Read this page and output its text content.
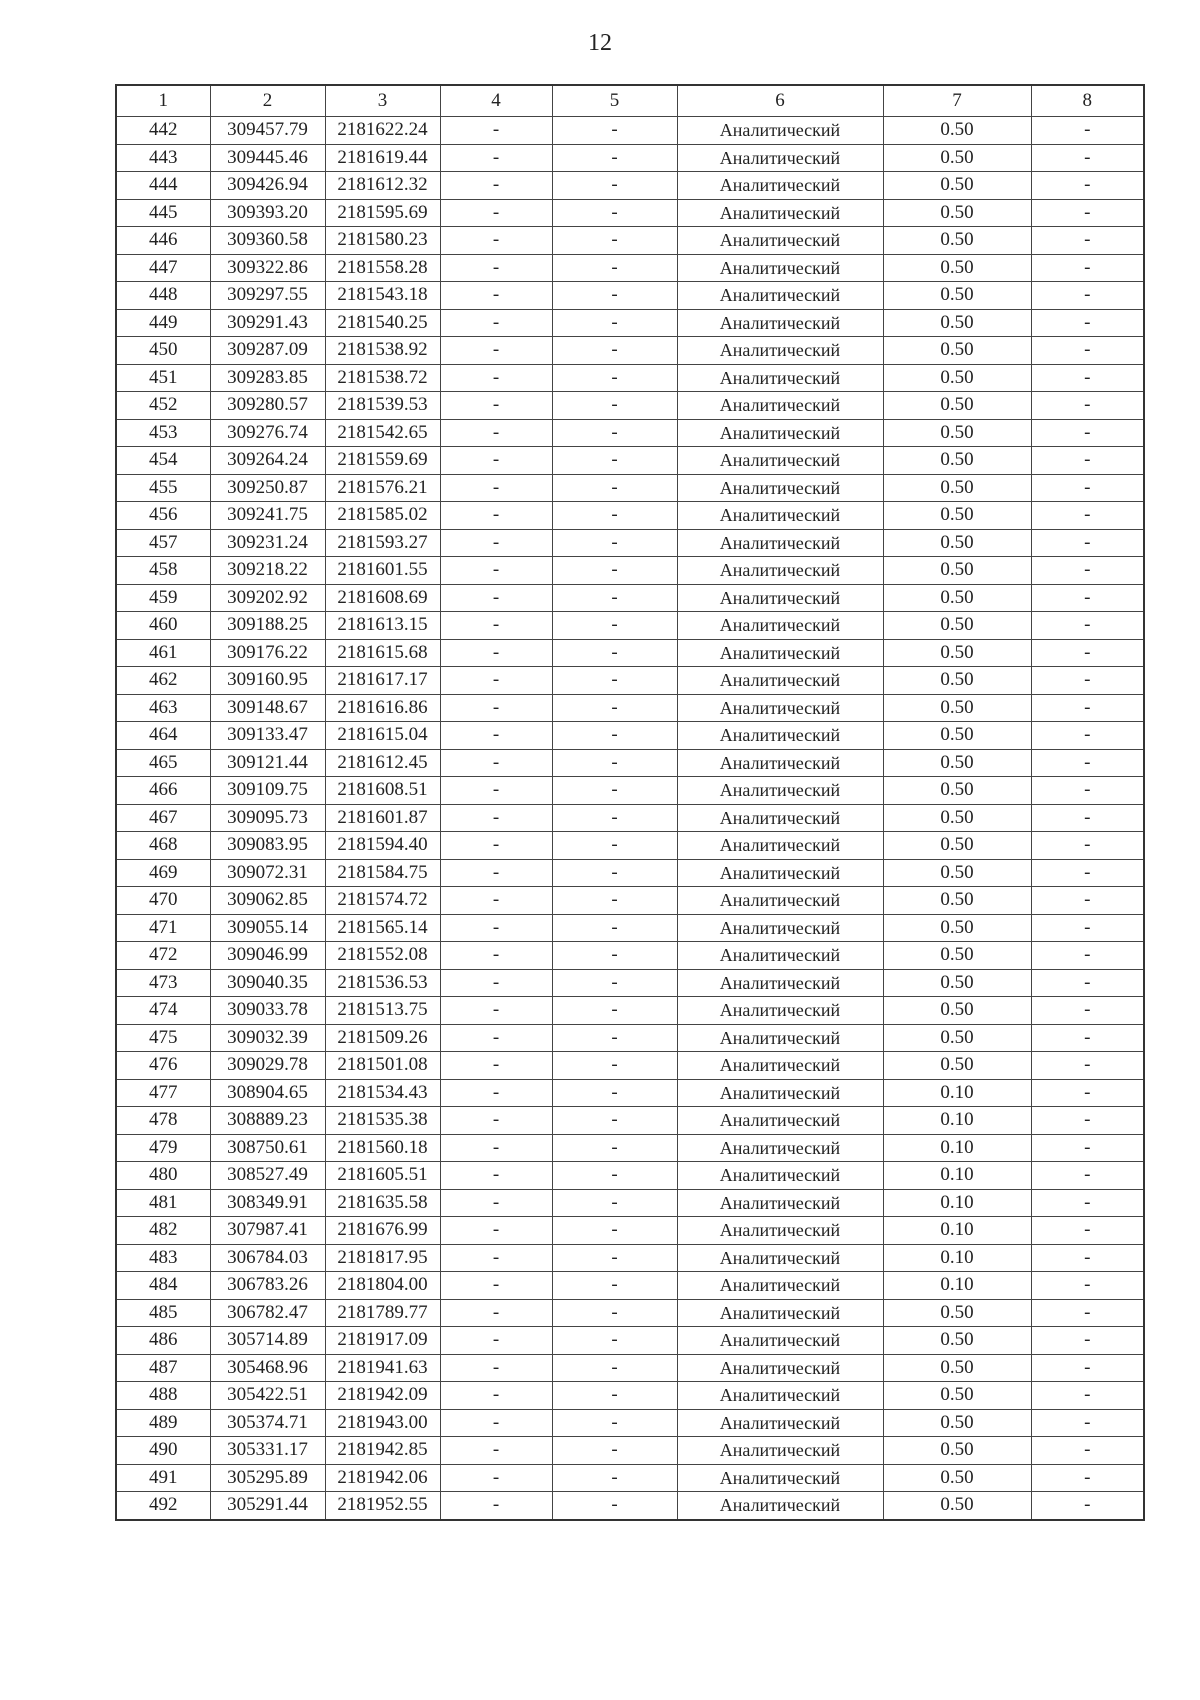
12
1	2	3	4	5	6	7	8
442	309457.79	2181622.24	-	-	Аналитический	0.50	-
443	309445.46	2181619.44	-	-	Аналитический	0.50	-
444	309426.94	2181612.32	-	-	Аналитический	0.50	-
445	309393.20	2181595.69	-	-	Аналитический	0.50	-
446	309360.58	2181580.23	-	-	Аналитический	0.50	-
447	309322.86	2181558.28	-	-	Аналитический	0.50	-
448	309297.55	2181543.18	-	-	Аналитический	0.50	-
449	309291.43	2181540.25	-	-	Аналитический	0.50	-
450	309287.09	2181538.92	-	-	Аналитический	0.50	-
451	309283.85	2181538.72	-	-	Аналитический	0.50	-
452	309280.57	2181539.53	-	-	Аналитический	0.50	-
453	309276.74	2181542.65	-	-	Аналитический	0.50	-
454	309264.24	2181559.69	-	-	Аналитический	0.50	-
455	309250.87	2181576.21	-	-	Аналитический	0.50	-
456	309241.75	2181585.02	-	-	Аналитический	0.50	-
457	309231.24	2181593.27	-	-	Аналитический	0.50	-
458	309218.22	2181601.55	-	-	Аналитический	0.50	-
459	309202.92	2181608.69	-	-	Аналитический	0.50	-
460	309188.25	2181613.15	-	-	Аналитический	0.50	-
461	309176.22	2181615.68	-	-	Аналитический	0.50	-
462	309160.95	2181617.17	-	-	Аналитический	0.50	-
463	309148.67	2181616.86	-	-	Аналитический	0.50	-
464	309133.47	2181615.04	-	-	Аналитический	0.50	-
465	309121.44	2181612.45	-	-	Аналитический	0.50	-
466	309109.75	2181608.51	-	-	Аналитический	0.50	-
467	309095.73	2181601.87	-	-	Аналитический	0.50	-
468	309083.95	2181594.40	-	-	Аналитический	0.50	-
469	309072.31	2181584.75	-	-	Аналитический	0.50	-
470	309062.85	2181574.72	-	-	Аналитический	0.50	-
471	309055.14	2181565.14	-	-	Аналитический	0.50	-
472	309046.99	2181552.08	-	-	Аналитический	0.50	-
473	309040.35	2181536.53	-	-	Аналитический	0.50	-
474	309033.78	2181513.75	-	-	Аналитический	0.50	-
475	309032.39	2181509.26	-	-	Аналитический	0.50	-
476	309029.78	2181501.08	-	-	Аналитический	0.50	-
477	308904.65	2181534.43	-	-	Аналитический	0.10	-
478	308889.23	2181535.38	-	-	Аналитический	0.10	-
479	308750.61	2181560.18	-	-	Аналитический	0.10	-
480	308527.49	2181605.51	-	-	Аналитический	0.10	-
481	308349.91	2181635.58	-	-	Аналитический	0.10	-
482	307987.41	2181676.99	-	-	Аналитический	0.10	-
483	306784.03	2181817.95	-	-	Аналитический	0.10	-
484	306783.26	2181804.00	-	-	Аналитический	0.10	-
485	306782.47	2181789.77	-	-	Аналитический	0.50	-
486	305714.89	2181917.09	-	-	Аналитический	0.50	-
487	305468.96	2181941.63	-	-	Аналитический	0.50	-
488	305422.51	2181942.09	-	-	Аналитический	0.50	-
489	305374.71	2181943.00	-	-	Аналитический	0.50	-
490	305331.17	2181942.85	-	-	Аналитический	0.50	-
491	305295.89	2181942.06	-	-	Аналитический	0.50	-
492	305291.44	2181952.55	-	-	Аналитический	0.50	-
